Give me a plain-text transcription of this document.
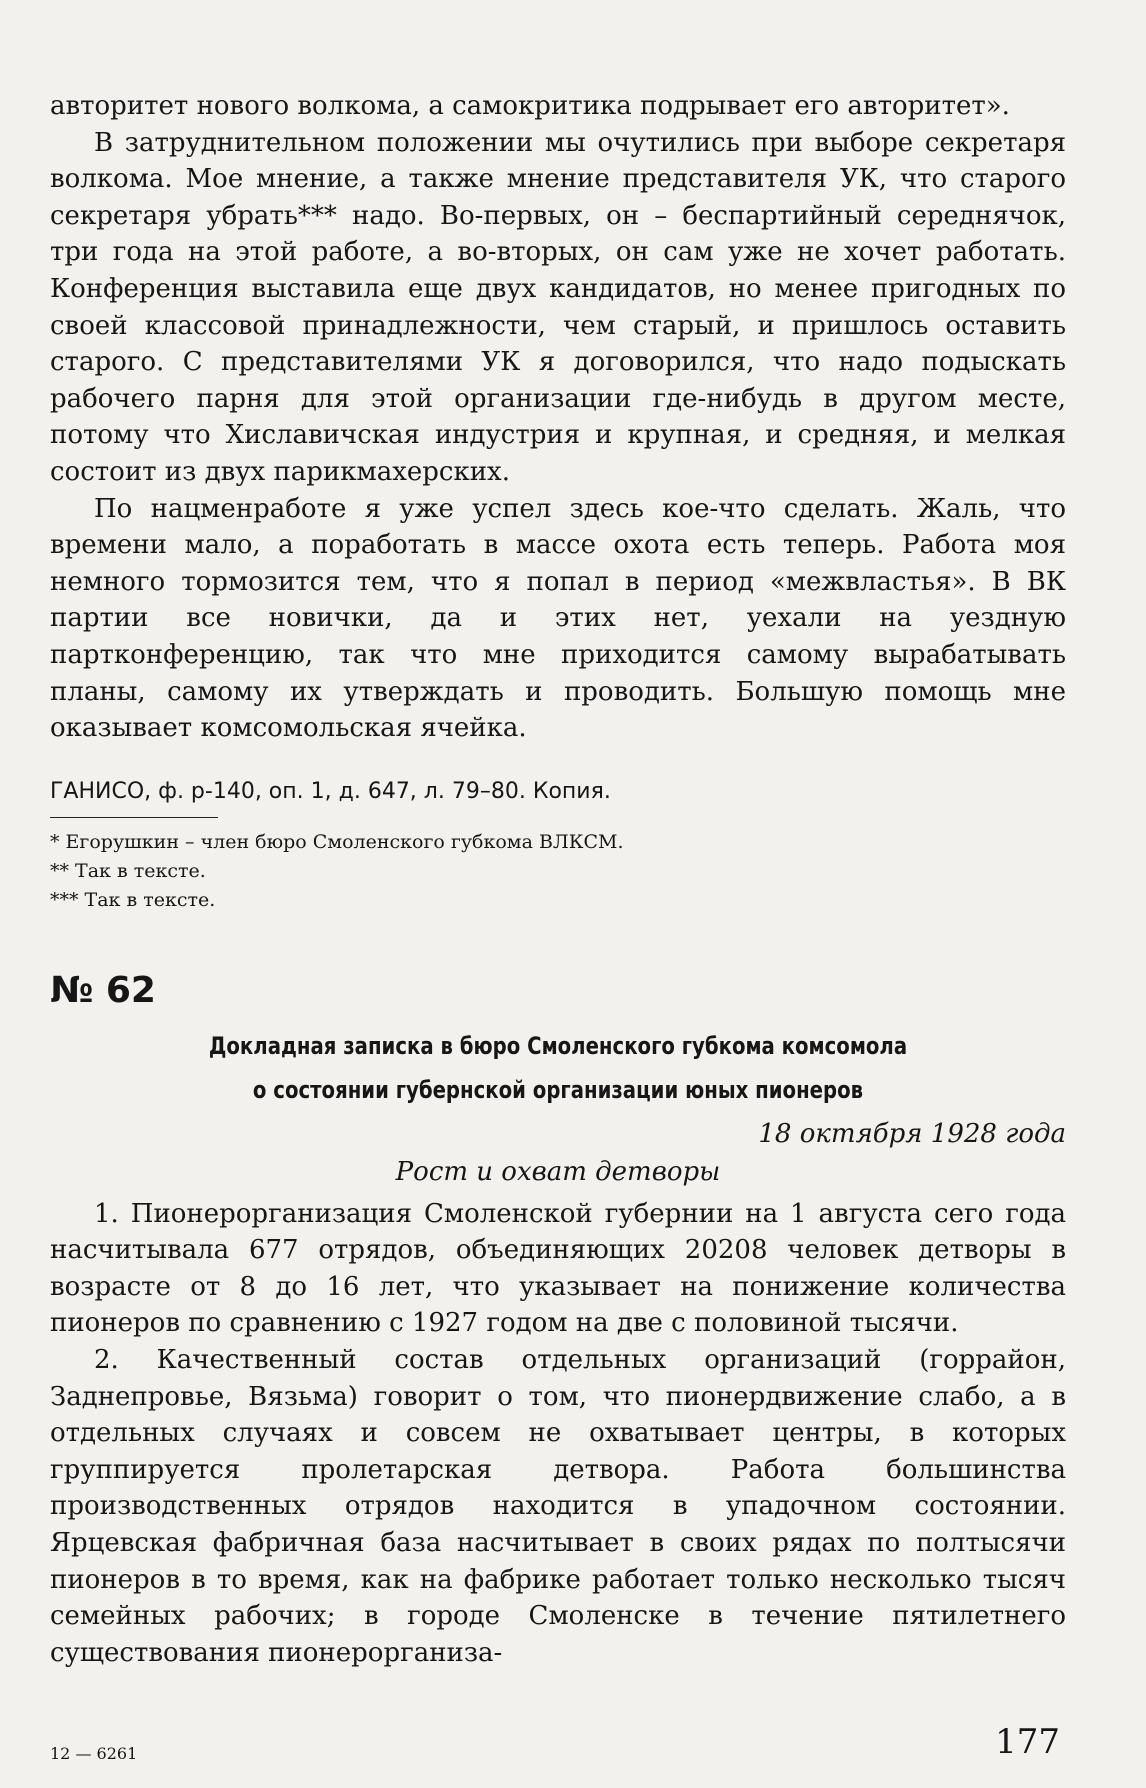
авторитет нового волкома, а самокритика подрывает его авторитет».

В затруднительном положении мы очутились при выборе секретаря волкома. Мое мнение, а также мнение представителя УК, что старого секретаря убрать*** надо. Во-первых, он – беспартийный середнячок, три года на этой работе, а во-вторых, он сам уже не хочет работать. Конференция выставила еще двух кандидатов, но менее пригодных по своей классовой принадлежности, чем старый, и пришлось оставить старого. С представителями УК я договорился, что надо подыскать рабочего парня для этой организации где-нибудь в другом месте, потому что Хиславичская индустрия и крупная, и средняя, и мелкая состоит из двух парикмахерских.

По нацменработе я уже успел здесь кое-что сделать. Жаль, что времени мало, а поработать в массе охота есть теперь. Работа моя немного тормозится тем, что я попал в период «межвластья». В ВК партии все новички, да и этих нет, уехали на уездную партконференцию, так что мне приходится самому вырабатывать планы, самому их утверждать и проводить. Большую помощь мне оказывает комсомольская ячейка.

ГАНИСО, ф. р-140, оп. 1, д. 647, л. 79–80. Копия.

* Егорушкин – член бюро Смоленского губкома ВЛКСМ.

** Так в тексте.

*** Так в тексте.

№ 62

Докладная записка в бюро Смоленского губкома комсомола

о состоянии губернской организации юных пионеров

18 октября 1928 года

Рост и охват детворы

1. Пионерорганизация Смоленской губернии на 1 августа сего года насчитывала 677 отрядов, объединяющих 20208 человек детворы в возрасте от 8 до 16 лет, что указывает на понижение количества пионеров по сравнению с 1927 годом на две с половиной тысячи.

2. Качественный состав отдельных организаций (горрайон, Заднепровье, Вязьма) говорит о том, что пионердвижение слабо, а в отдельных случаях и совсем не охватывает центры, в которых группируется пролетарская детвора. Работа большинства производственных отрядов находится в упадочном состоянии. Ярцевская фабричная база насчитывает в своих рядах по полтысячи пионеров в то время, как на фабрике работает только несколько тысяч семейных рабочих; в городе Смоленске в течение пятилетнего существования пионерорганиза-

12 — 6261	177
